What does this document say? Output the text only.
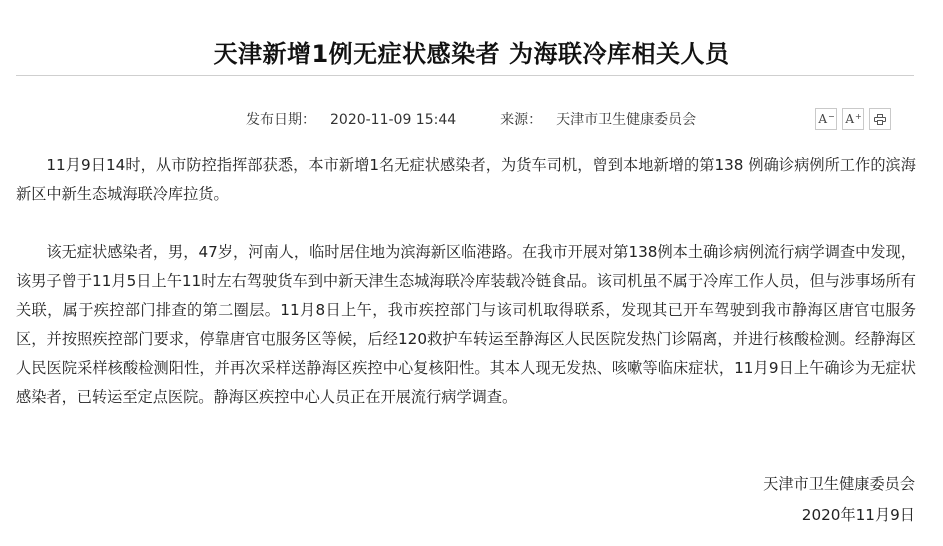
天津新增1例无症状感染者 为海联冷库相关人员
发布日期： 2020-11-09 15:44	来源： 天津市卫生健康委员会	A− A+

11月9日14时，从市防控指挥部获悉，本市新增1名无症状感染者，为货车司机，曾到本地新增的第138 例确诊病例所工作的滨海新区中新生态城海联冷库拉货。

该无症状感染者，男，47岁，河南人，临时居住地为滨海新区临港路。在我市开展对第138例本土确诊病例流行病学调查中发现，该男子曾于11月5日上午11时左右驾驶货车到中新天津生态城海联冷库装载冷链食品。该司机虽不属于冷库工作人员，但与涉事场所有关联，属于疾控部门排查的第二圈层。11月8日上午，我市疾控部门与该司机取得联系，发现其已开车驾驶到我市静海区唐官屯服务区，并按照疾控部门要求，停靠唐官屯服务区等候，后经120救护车转运至静海区人民医院发热门诊隔离，并进行核酸检测。经静海区人民医院采样核酸检测阳性，并再次采样送静海区疾控中心复核阳性。其本人现无发热、咳嗽等临床症状，11月9日上午确诊为无症状感染者，已转运至定点医院。静海区疾控中心人员正在开展流行病学调查。

天津市卫生健康委员会
2020年11月9日
